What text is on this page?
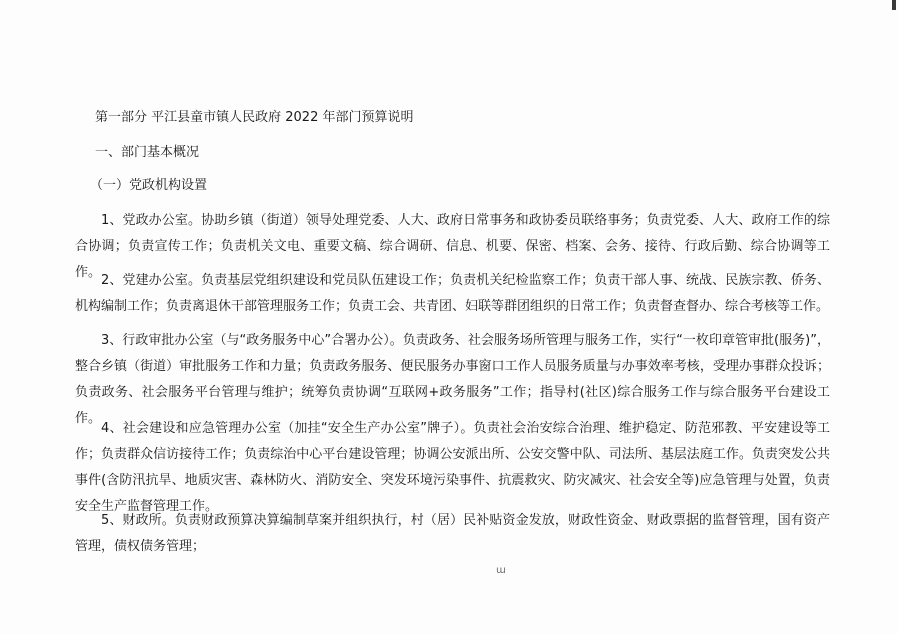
第一部分 平江县童市镇人民政府 2022 年部门预算说明
一、部门基本概况
（一）党政机构设置
1、党政办公室。协助乡镇（街道）领导处理党委、人大、政府日常事务和政协委员联络事务；负责党委、人大、政府工作的综合协调；负责宣传工作；负责机关文电、重要文稿、综合调研、信息、机要、保密、档案、会务、接待、行政后勤、综合协调等工作。
2、党建办公室。负责基层党组织建设和党员队伍建设工作；负责机关纪检监察工作；负责干部人事、统战、民族宗教、侨务、机构编制工作；负责离退休干部管理服务工作；负责工会、共青团、妇联等群团组织的日常工作；负责督查督办、综合考核等工作。
3、行政审批办公室（与“政务服务中心”合署办公）。负责政务、社会服务场所管理与服务工作，实行“一枚印章管审批(服务)”，整合乡镇（街道）审批服务工作和力量；负责政务服务、便民服务办事窗口工作人员服务质量与办事效率考核，受理办事群众投诉；负责政务、社会服务平台管理与维护；统筹负责协调“互联网+政务服务”工作；指导村(社区)综合服务工作与综合服务平台建设工作。
4、社会建设和应急管理办公室（加挂“安全生产办公室”牌子）。负责社会治安综合治理、维护稳定、防范邪教、平安建设等工作；负责群众信访接待工作；负责综治中心平台建设管理；协调公安派出所、公安交警中队、司法所、基层法庭工作。负责突发公共事件(含防汛抗旱、地质灾害、森林防火、消防安全、突发环境污染事件、抗震救灾、防灾减灾、社会安全等)应急管理与处置，负责安全生产监督管理工作。
5、财政所。负责财政预算决算编制草案并组织执行，村（居）民补贴资金发放，财政性资金、财政票据的监督管理，国有资产管理，债权债务管理；
ɯ
